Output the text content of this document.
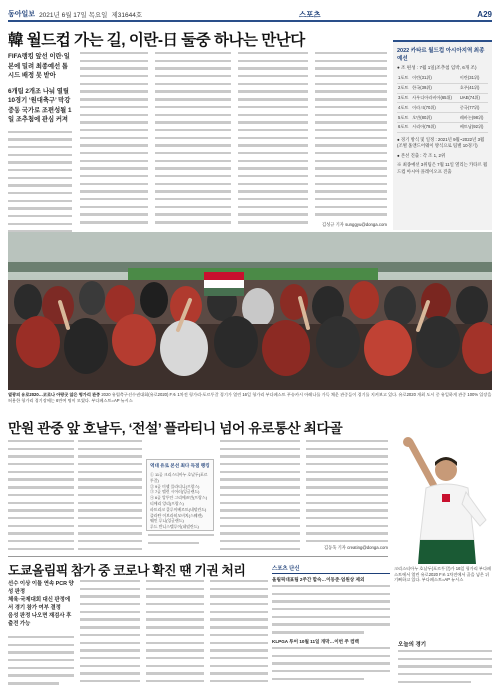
동아일보 2021년 6월 17일 목요일 제31644호	스포츠	A29
韓 월드컵 가는 길, 이란-日 둘중 하나는 만난다

FIFA랭킹 앞선 이란·일본에 밀려 최종예선 톱시드 배정 못 받아

6개팀 2개조 나눠 열릴 10경기 ‘원대축구’ 막강 중동 국가로 조편성될 1일 조추첨에 관심 커져

김성규 기자 sunggyu@donga.com
2022 카타르 월드컵 아시아지역 최종예선
● 조 편성 : 7월 1일(조추첨 임박, 6개 조)
1포트	이란(31위)	이란(31위)
2포트	한국(39위)	호주(41위)
3포트	사우디아라비아(65위)	UAE(74위)
4포트	이라크(70위)	중국(77위)
5포트	오만(80위)	레바논(98위)
6포트	시리아(79위)	베트남(92위)

● 경기 방식 및 일정 : 2021년 9월~2022년 3월 (조별 홈앤드어웨이 방식으로 팀별 10경기)

● 본선 진출 : 각 조 1, 2위

※ 최종예선 3위팀은 7월 11일 열리는 카타르 월드컵 아시아 플레이오프 진출

열광의 유로2020…코로나 아랑곳 않은 헝가리 관중 2020 유럽축구선수권대회(유로2020) F조 1차전 헝가리-포르투갈 경기가 열린 16일 헝가리 부다페스트 푸슈카시 아레나를 가득 채운 관중들이 경기를 지켜보고 있다. 유로2020 개최 도시 중 유일하게 관중 100% 입장을 허용한 헝가리 경기장에는 6만여 명이 모였다. 부다페스트=AP 뉴시스
만원 관중 앞 호날두, ‘전설’ 플라티니 넘어 유로통산 최다골
역대 유로 본선 최다 득점 랭킹

① 11골 크리스티아누 호날두(포르투갈)

② 9골 미셸 플라티니(프랑스)

③ 7골 앨런 시어러(잉글랜드)

④ 6골 앙투안 그리에즈만(프랑스)

티에리 앙리(프랑스)

파트리크 클루이베르트(네덜란드)

즐라탄 이브라히모비치(스웨덴)

웨인 루니(잉글랜드)

루드 반니스텔루이(네덜란드)

김동욱 기자 creating@donga.com
크리스티아누 호날두(포르투갈)가 16일 헝가리 부다페스트에서 열린 유로2020 F조 1차전에서 골을 넣은 뒤 기뻐하고 있다. 부다페스트=AP 뉴시스
도쿄올림픽 참가 중 코로나 확진 땐 기권 처리

선수 이상 이틀 연속 PCR 양성 판정

체육·국제대회 대신 판정에서 경기 참가 여부 결정

음성 판정 나오면 재검사 후 출전 가능

스포츠 단신
올림픽대표팀 2주간 합숙…이동준·엄원상 제외
KLPGA 투어 10월 11일 개막…이번 주 컴백
오늘의 경기
